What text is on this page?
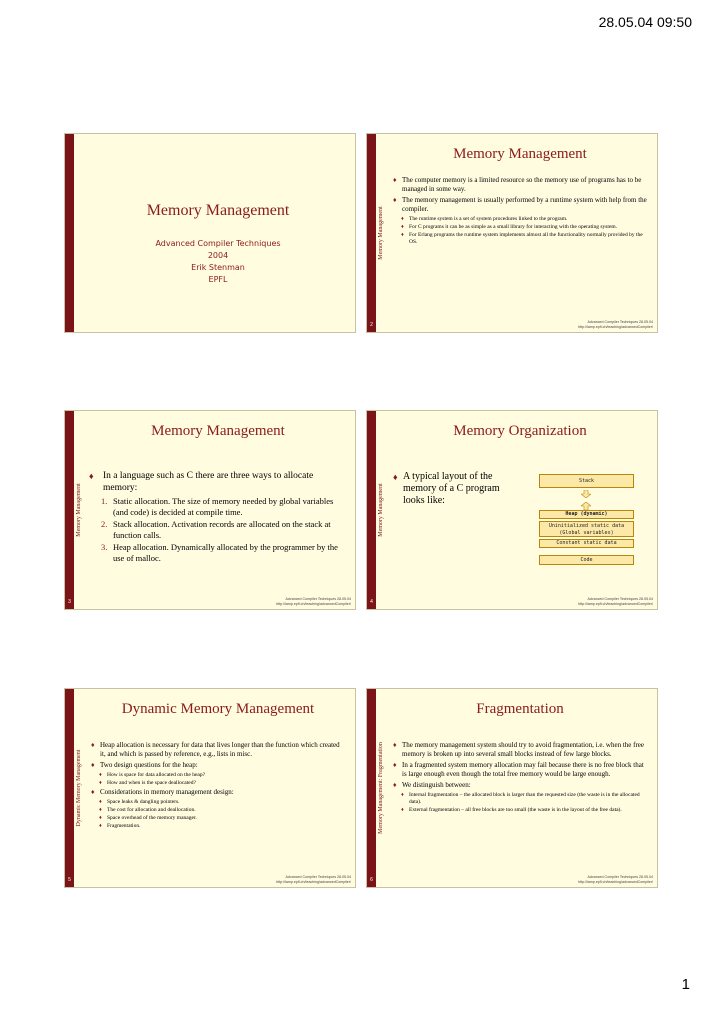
28.05.04 09:50
Memory Management
Advanced Compiler Techniques
2004
Erik Stenman
EPFL
Memory Management
2
Memory Management
♦ The computer memory is a limited resource so the memory use of programs has to be managed in some way.
♦ The memory management is usually performed by a runtime system with help from the compiler.
♦ The runtime system is a set of system procedures linked to the program.
♦ For C programs it can be as simple as a small library for interacting with the operating system.
♦ For Erlang programs the runtime system implements almost all the functionality normally provided by the OS.
Advanced Compiler Techniques 28.05.04
http://lamp.epfl.ch/teaching/advancedCompiler/
Memory Management
3
Memory Management
♦ In a language such as C there are three ways to allocate memory:
1. Static allocation. The size of memory needed by global variables (and code) is decided at compile time.
2. Stack allocation. Activation records are allocated on the stack at function calls.
3. Heap allocation. Dynamically allocated by the programmer by the use of malloc.
Advanced Compiler Techniques 28.05.04
http://lamp.epfl.ch/teaching/advancedCompiler/
Memory Management
4
Memory Organization
♦ A typical layout of the memory of a C program looks like:
Stack
Heap (dynamic)
Uninitialized static data
(Global variables)
Constant static data
Code
Advanced Compiler Techniques 28.05.04
http://lamp.epfl.ch/teaching/advancedCompiler/
Dynamic Memory Management
5
Dynamic Memory Management
♦ Heap allocation is necessary for data that lives longer than the function which created it, and which is passed by reference, e.g., lists in misc.
♦ Two design questions for the heap:
♦ How is space for data allocated on the heap?
♦ How and when is the space deallocated?
♦ Considerations in memory management design:
♦ Space leaks & dangling pointers.
♦ The cost for allocation and deallocation.
♦ Space overhead of the memory manager.
♦ Fragmentation.
Advanced Compiler Techniques 28.05.04
http://lamp.epfl.ch/teaching/advancedCompiler/
Memory Management: Fragmentation
6
Fragmentation
♦ The memory management system should try to avoid fragmentation, i.e. when the free memory is broken up into several small blocks instead of few large blocks.
♦ In a fragmented system memory allocation may fail because there is no free block that is large enough even though the total free memory would be large enough.
♦ We distinguish between:
♦ Internal fragmentation – the allocated block is larger than the requested size (the waste is in the allocated data).
♦ External fragmentation – all free blocks are too small (the waste is in the layout of the free data).
Advanced Compiler Techniques 28.05.04
http://lamp.epfl.ch/teaching/advancedCompiler/
1
